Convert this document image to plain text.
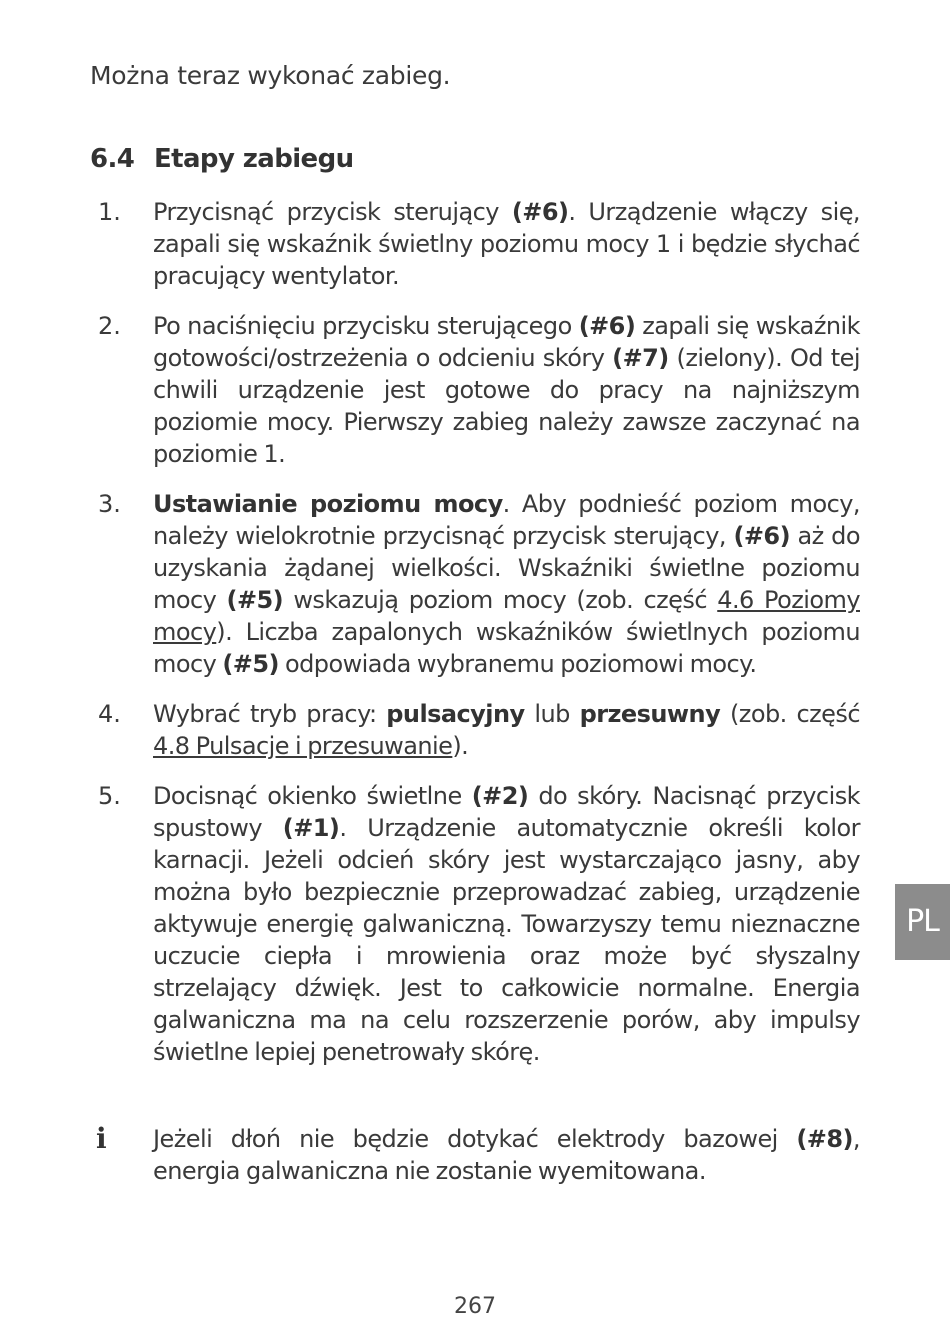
Można teraz wykonać zabieg.
6.4 Etapy zabiegu
1. Przycisnąć przycisk sterujący (#6). Urządzenie włączy się, zapali się wskaźnik świetlny poziomu mocy 1 i będzie słychać pracujący wentylator.
2. Po naciśnięciu przycisku sterującego (#6) zapali się wskaźnik gotowości/ostrzeżenia o odcieniu skóry (#7) (zielony). Od tej chwili urządzenie jest gotowe do pracy na najniższym poziomie mocy. Pierwszy zabieg należy zawsze zaczynać na poziomie 1.
3. Ustawianie poziomu mocy. Aby podnieść poziom mocy, należy wielokrotnie przycisnąć przycisk sterujący, (#6) aż do uzyskania żądanej wielkości. Wskaźniki świetlne poziomu mocy (#5) wskazują poziom mocy (zob. część 4.6 Poziomy mocy). Liczba zapalonych wskaźników świetlnych poziomu mocy (#5) odpowiada wybranemu poziomowi mocy.
4. Wybrać tryb pracy: pulsacyjny lub przesuwny (zob. część 4.8 Pulsacje i przesuwanie).
5. Docisnąć okienko świetlne (#2) do skóry. Nacisnąć przycisk spustowy (#1). Urządzenie automatycznie określi kolor karnacji. Jeżeli odcień skóry jest wystarczająco jasny, aby można było bezpiecznie przeprowadzać zabieg, urządzenie aktywuje energię galwaniczną. Towarzyszy temu nieznaczne uczucie ciepła i mrowienia oraz może być słyszalny strzelający dźwięk. Jest to całkowicie normalne. Energia galwaniczna ma na celu rozszerzenie porów, aby impulsy świetlne lepiej penetrowały skórę.
i Jeżeli dłoń nie będzie dotykać elektrody bazowej (#8), energia galwaniczna nie zostanie wyemitowana.
PL
267
